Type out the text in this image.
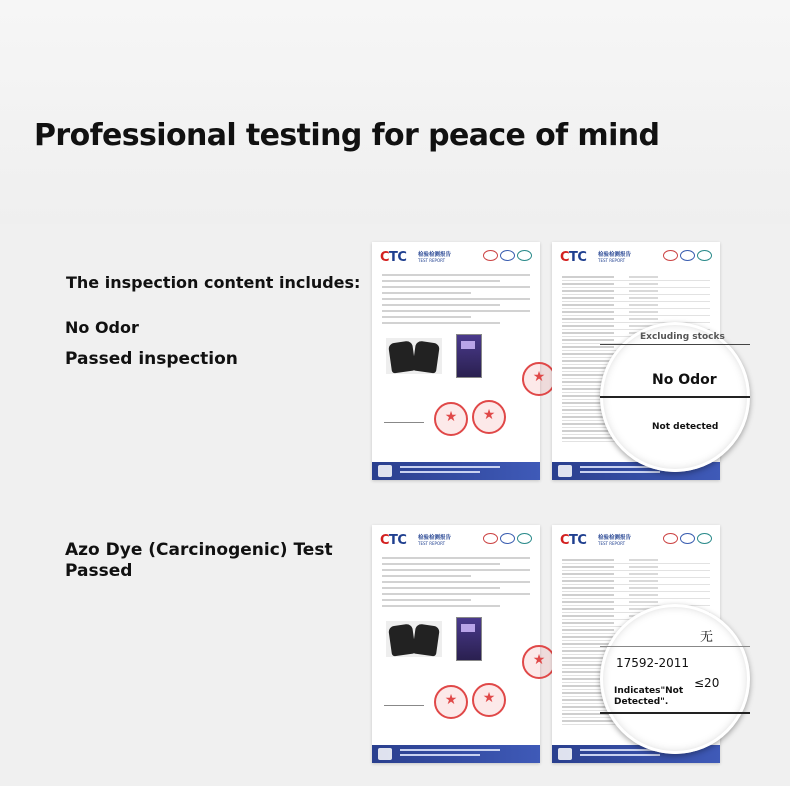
Professional testing for peace of mind
The inspection content includes:
No Odor
Passed inspection
Azo Dye (Carcinogenic) Test Passed
CTC 检验检测报告
TEST REPORT
★	★
★
CTC 检验检测报告
TEST REPORT
CTC 检验检测报告
TEST REPORT
★	★
★
CTC 检验检测报告
TEST REPORT
Excluding stocks
No Odor
Not detected
无
17592-2011
≤20
Indicates"Not Detected".
